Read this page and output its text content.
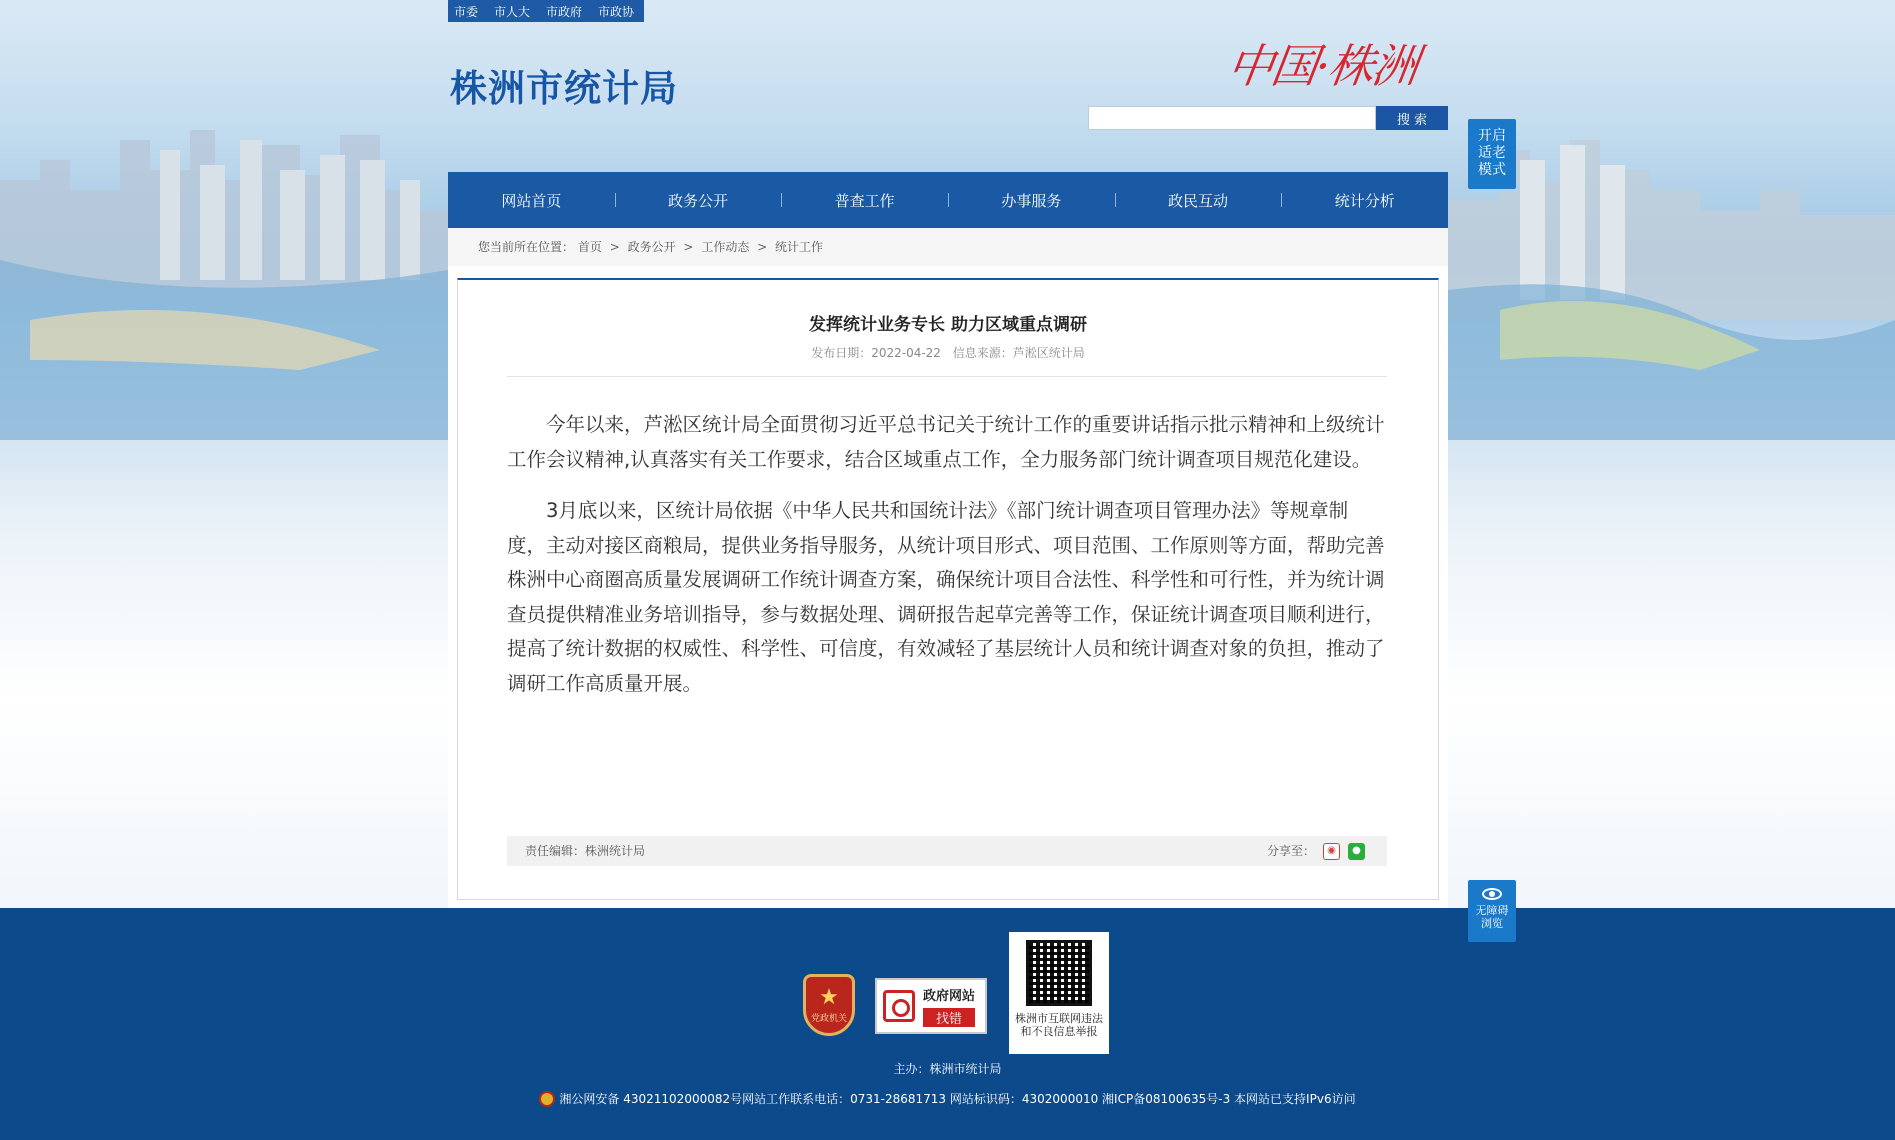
市委 市人大 市政府 市政协
株洲市统计局	中国·株洲
搜 索
开启适老模式
网站首页	政务公开	普查工作	办事服务	政民互动	统计分析
您当前所在位置： 首页 > 政务公开 > 工作动态 > 统计工作
发挥统计业务专长 助力区域重点调研
发布日期：2022-04-22 信息来源：芦淞区统计局

今年以来，芦淞区统计局全面贯彻习近平总书记关于统计工作的重要讲话指示批示精神和上级统计工作会议精神,认真落实有关工作要求，结合区域重点工作，全力服务部门统计调查项目规范化建设。

3月底以来，区统计局依据《中华人民共和国统计法》《部门统计调查项目管理办法》等规章制度，主动对接区商粮局，提供业务指导服务，从统计项目形式、项目范围、工作原则等方面，帮助完善株洲中心商圈高质量发展调研工作统计调查方案，确保统计项目合法性、科学性和可行性，并为统计调查员提供精准业务培训指导，参与数据处理、调研报告起草完善等工作，保证统计调查项目顺利进行，提高了统计数据的权威性、科学性、可信度，有效减轻了基层统计人员和统计调查对象的负担，推动了调研工作高质量开展。

责任编辑：株洲统计局	分享至：	◉	●
无障碍浏览
★
党政机关
政府网站
找错	株洲市互联网违法和不良信息举报
主办：株洲市统计局
湘公网安备 43021102000082号网站工作联系电话：0731-28681713 网站标识码：4302000010 湘ICP备08100635号-3 本网站已支持IPv6访问
